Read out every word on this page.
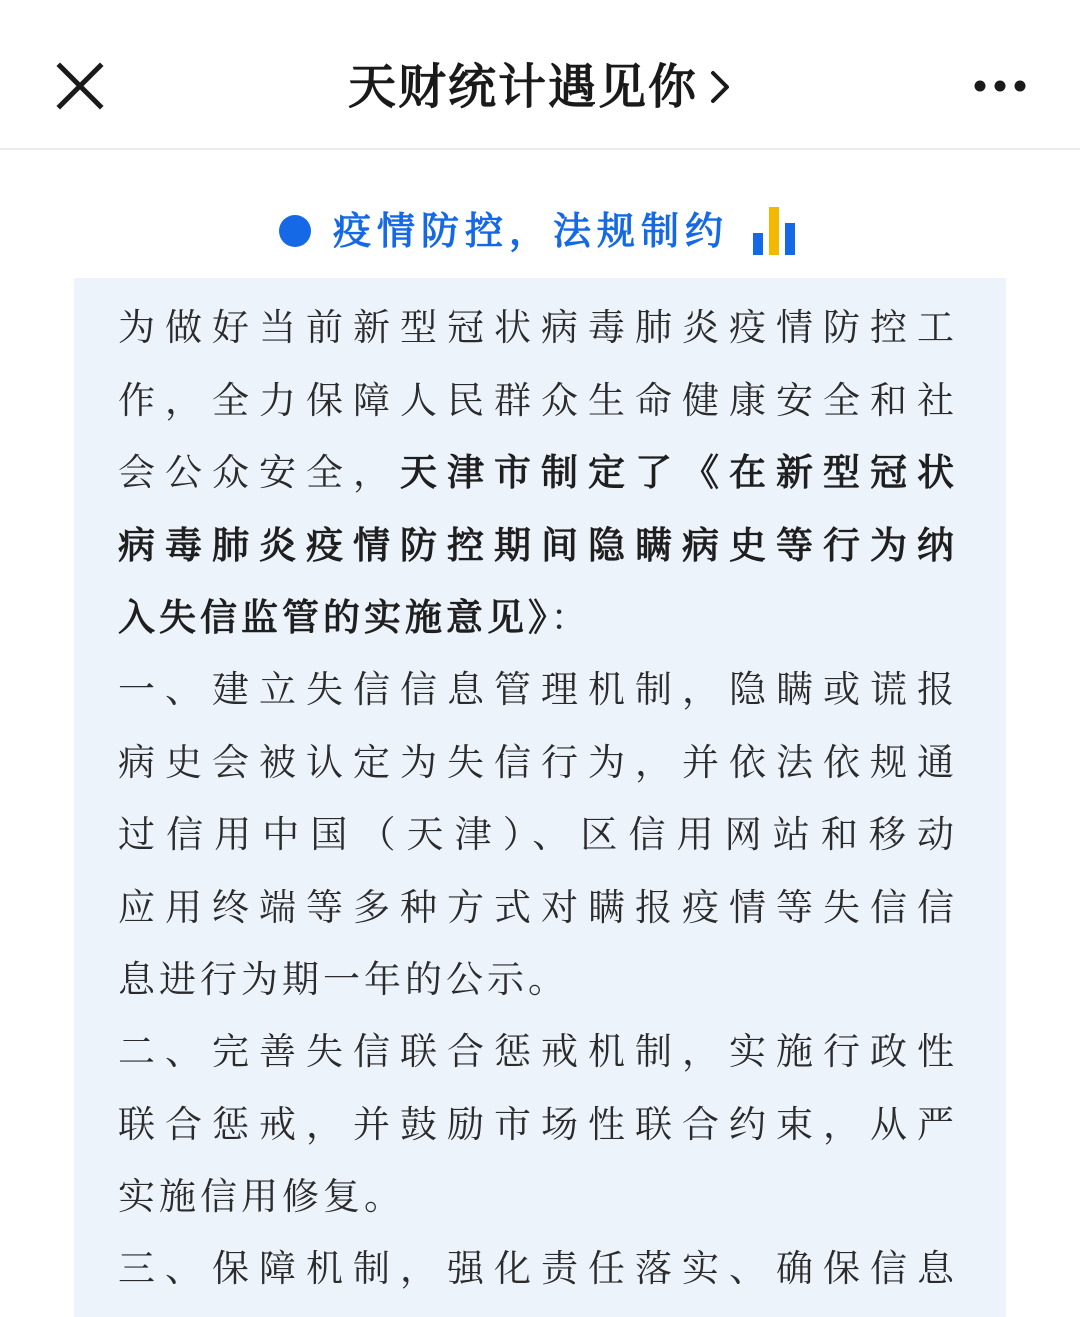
天财统计遇见你
疫情防控，法规制约
为做好当前新型冠状病毒肺炎疫情防控工
作，全力保障人民群众生命健康安全和社
会公众安全，天津市制定了《在新型冠状
病毒肺炎疫情防控期间隐瞒病史等行为纳
入失信监管的实施意见》：
一、建立失信信息管理机制，隐瞒或谎报
病史会被认定为失信行为，并依法依规通
过信用中国（天津）、区信用网站和移动
应用终端等多种方式对瞒报疫情等失信信
息进行为期一年的公示。
二、完善失信联合惩戒机制，实施行政性
联合惩戒，并鼓励市场性联合约束，从严
实施信用修复。
三、保障机制，强化责任落实、确保信息
